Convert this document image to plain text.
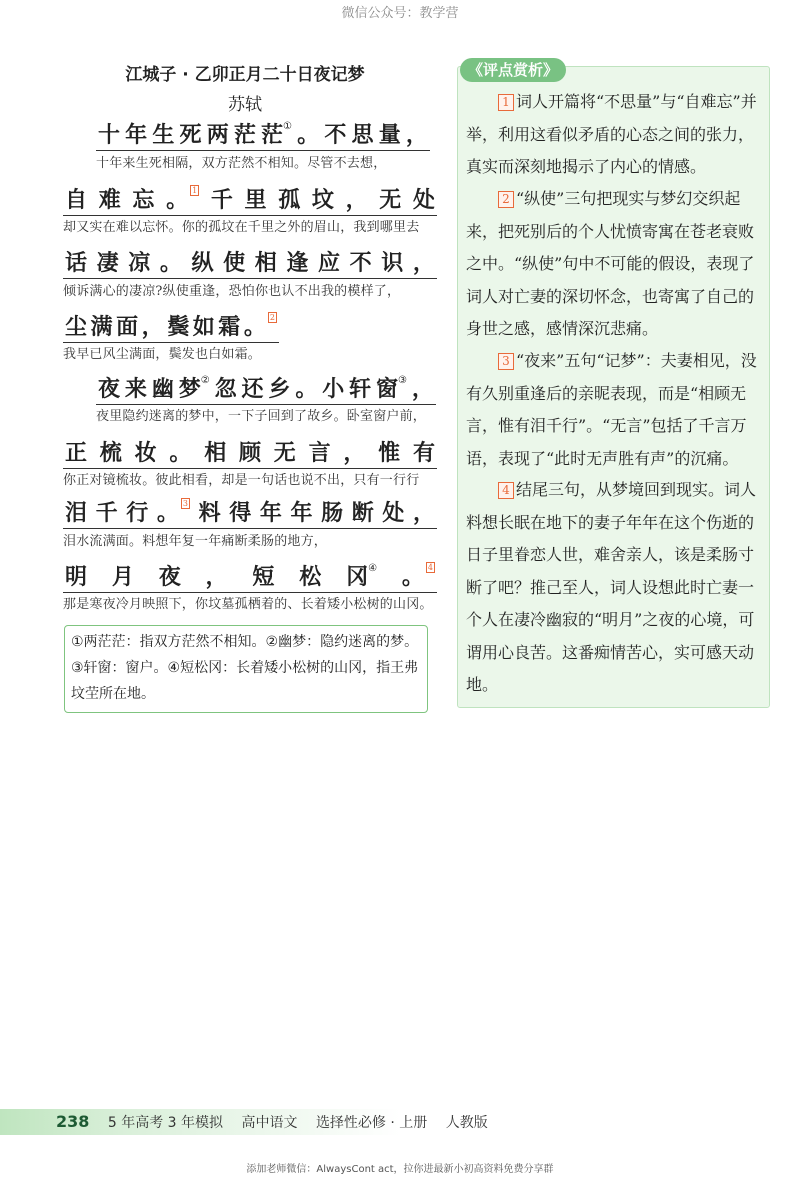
微信公众号：教学营
江城子 · 乙卯正月二十日夜记梦
苏轼
十 年 生 死 两 茫 茫① 。 不 思 量 ，
十年来生死相隔，双方茫然不相知。尽管不去想，
自 难 忘 。 1 千 里 孤 坟 ， 无 处
却又实在难以忘怀。你的孤坟在千里之外的眉山，我到哪里去
话 凄 凉 。 纵 使 相 逢 应 不 识 ，
倾诉满心的凄凉?纵使重逢，恐怕你也认不出我的模样了，
尘 满 面 ， 鬓 如 霜 。 2
我早已风尘满面，鬓发也白如霜。
夜 来 幽 梦② 忽 还 乡 。 小 轩 窗③ ，
夜里隐约迷离的梦中，一下子回到了故乡。卧室窗户前，
正 梳 妆 。 相 顾 无 言 ， 惟 有
你正对镜梳妆。彼此相看，却是一句话也说不出，只有一行行
泪 千 行 。 3 料 得 年 年 肠 断 处 ，
泪水流满面。料想年复一年痛断柔肠的地方，
明 月 夜 ， 短 松 冈④ 。 4
那是寒夜冷月映照下，你坟墓孤栖着的、长着矮小松树的山冈。

①两茫茫：指双方茫然不相知。②幽梦：隐约迷离的梦。

③轩窗：窗户。④短松冈：长着矮小松树的山冈，指王弗

坟茔所在地。

《评点赏析》

1 词人开篇将“不思量”与“自难忘”并举，利用这看似矛盾的心态之间的张力，真实而深刻地揭示了内心的情感。

2 “纵使”三句把现实与梦幻交织起来，把死别后的个人忧愤寄寓在苍老衰败之中。“纵使”句中不可能的假设，表现了词人对亡妻的深切怀念，也寄寓了自己的身世之感，感情深沉悲痛。

3 “夜来”五句“记梦”：夫妻相见，没有久别重逢后的亲昵表现，而是“相顾无言，惟有泪千行”。“无言”包括了千言万语，表现了“此时无声胜有声”的沉痛。

4 结尾三句，从梦境回到现实。词人料想长眠在地下的妻子年年在这个伤逝的日子里眷恋人世，难舍亲人，该是柔肠寸断了吧？推己至人，词人设想此时亡妻一个人在凄冷幽寂的“明月”之夜的心境，可谓用心良苦。这番痴情苦心，实可感天动地。

238 5 年高考 3 年模拟 高中语文 选择性必修 · 上册 人教版
添加老师微信：AlwaysCont act，拉你进最新小初高资料免费分享群
